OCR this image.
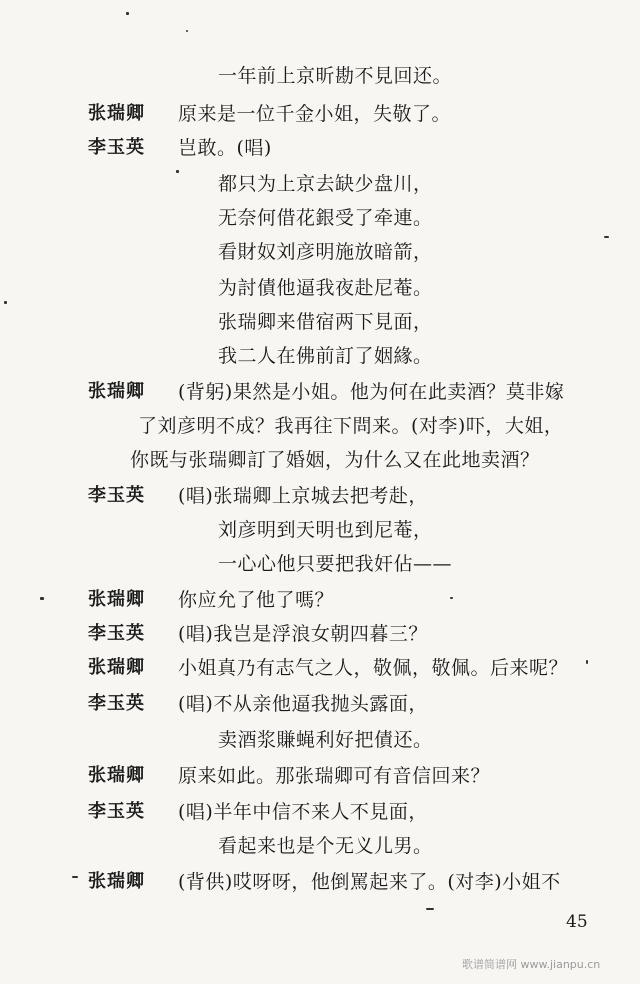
一年前上京昕勘不見回还。
张瑞卿 原来是一位千金小姐，失敬了。
李玉英 岂敢。(唱)
都只为上京去缺少盘川，
无奈何借花銀受了牵連。
看財奴刘彦明施放暗箭，
为討債他逼我夜赴尼菴。
张瑞卿来借宿两下見面，
我二人在佛前訂了姻緣。
张瑞卿 (背躬)果然是小姐。他为何在此卖酒？莫非嫁
了刘彦明不成？我再往下問来。(对李)吓，大姐，
你既与张瑞卿訂了婚姻，为什么又在此地卖酒？
李玉英 (唱)张瑞卿上京城去把考赴，
刘彦明到天明也到尼菴，
一心心他只要把我奸佔——
张瑞卿 你应允了他了嗎？
李玉英 (唱)我岂是浮浪女朝四暮三？
张瑞卿 小姐真乃有志气之人，敬佩，敬佩。后来呢？
李玉英 (唱)不从亲他逼我抛头露面，
卖酒浆賺蝇利好把債还。
张瑞卿 原来如此。那张瑞卿可有音信回来？
李玉英 (唱)半年中信不来人不見面，
看起来也是个无义儿男。
张瑞卿 (背供)哎呀呀，他倒罵起来了。(对李)小姐不
45
歌谱简谱网 www.jianpu.cn
